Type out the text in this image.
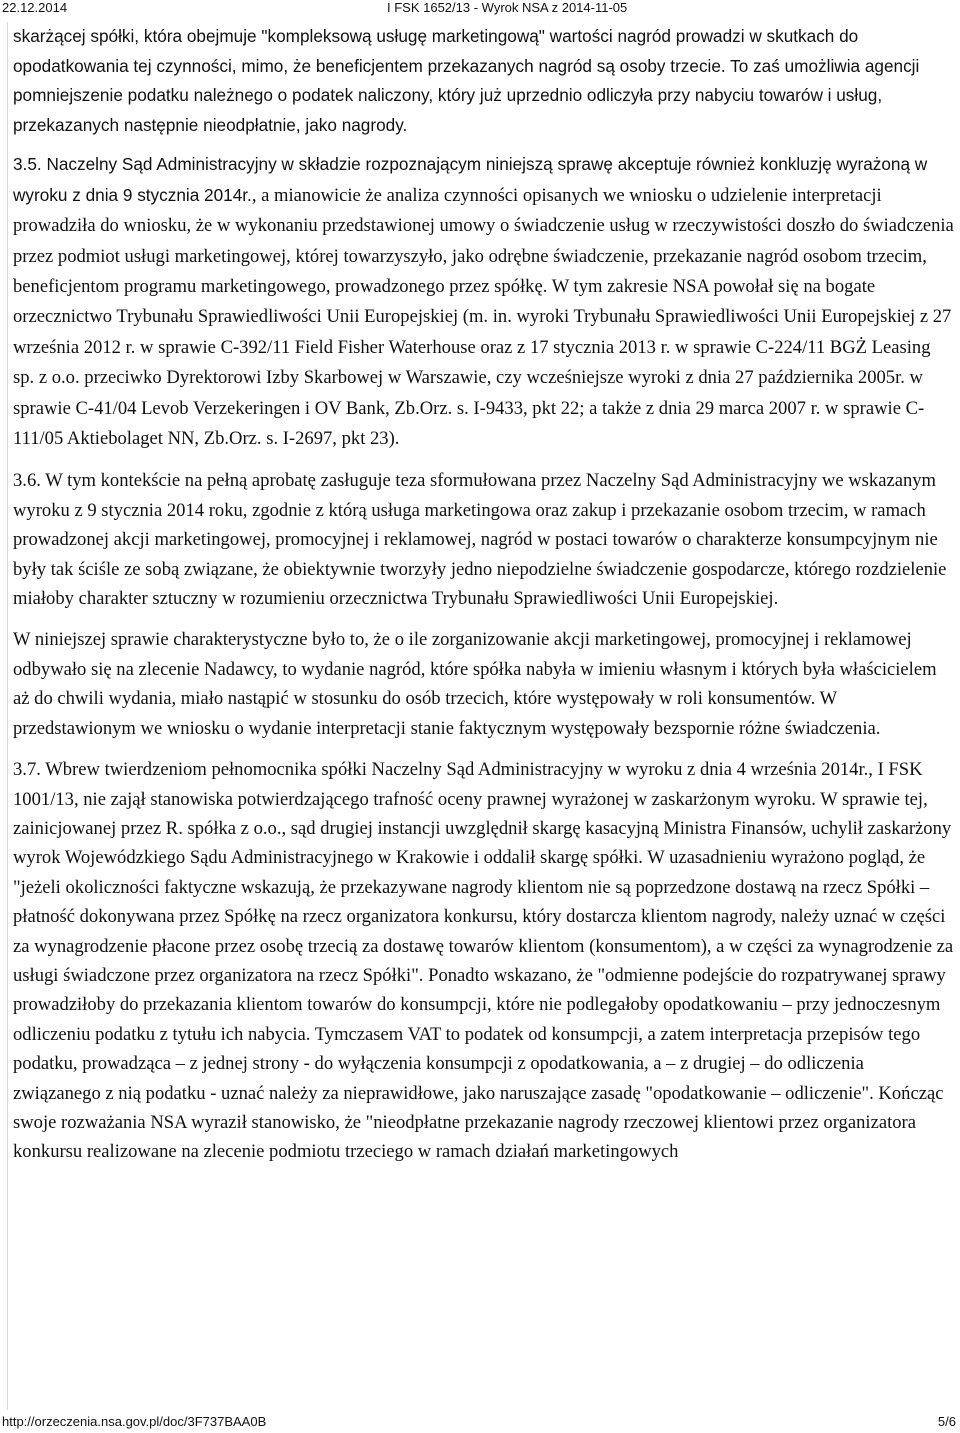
22.12.2014	I FSK 1652/13 - Wyrok NSA z 2014-11-05

skarżącej spółki, która obejmuje "kompleksową usługę marketingową" wartości nagród prowadzi w skutkach do opodatkowania tej czynności, mimo, że beneficjentem przekazanych nagród są osoby trzecie. To zaś umożliwia agencji pomniejszenie podatku należnego o podatek naliczony, który już uprzednio odliczyła przy nabyciu towarów i usług, przekazanych następnie nieodpłatnie, jako nagrody.

3.5. Naczelny Sąd Administracyjny w składzie rozpoznającym niniejszą sprawę akceptuje również konkluzję wyrażoną w wyroku z dnia 9 stycznia 2014r., a mianowicie że analiza czynności opisanych we wniosku o udzielenie interpretacji prowadziła do wniosku, że w wykonaniu przedstawionej umowy o świadczenie usług w rzeczywistości doszło do świadczenia przez podmiot usługi marketingowej, której towarzyszyło, jako odrębne świadczenie, przekazanie nagród osobom trzecim, beneficjentom programu marketingowego, prowadzonego przez spółkę. W tym zakresie NSA powołał się na bogate orzecznictwo Trybunału Sprawiedliwości Unii Europejskiej (m. in. wyroki Trybunału Sprawiedliwości Unii Europejskiej z 27 września 2012 r. w sprawie C-392/11 Field Fisher Waterhouse oraz z 17 stycznia 2013 r. w sprawie C-224/11 BGŻ Leasing sp. z o.o. przeciwko Dyrektorowi Izby Skarbowej w Warszawie, czy wcześniejsze wyroki z dnia 27 października 2005r. w sprawie C-41/04 Levob Verzekeringen i OV Bank, Zb.Orz. s. I-9433, pkt 22; a także z dnia 29 marca 2007 r. w sprawie C-111/05 Aktiebolaget NN, Zb.Orz. s. I-2697, pkt 23).

3.6. W tym kontekście na pełną aprobatę zasługuje teza sformułowana przez Naczelny Sąd Administracyjny we wskazanym wyroku z 9 stycznia 2014 roku, zgodnie z którą usługa marketingowa oraz zakup i przekazanie osobom trzecim, w ramach prowadzonej akcji marketingowej, promocyjnej i reklamowej, nagród w postaci towarów o charakterze konsumpcyjnym nie były tak ściśle ze sobą związane, że obiektywnie tworzyły jedno niepodzielne świadczenie gospodarcze, którego rozdzielenie miałoby charakter sztuczny w rozumieniu orzecznictwa Trybunału Sprawiedliwości Unii Europejskiej.

W niniejszej sprawie charakterystyczne było to, że o ile zorganizowanie akcji marketingowej, promocyjnej i reklamowej odbywało się na zlecenie Nadawcy, to wydanie nagród, które spółka nabyła w imieniu własnym i których była właścicielem aż do chwili wydania, miało nastąpić w stosunku do osób trzecich, które występowały w roli konsumentów. W przedstawionym we wniosku o wydanie interpretacji stanie faktycznym występowały bezspornie różne świadczenia.

3.7. Wbrew twierdzeniom pełnomocnika spółki Naczelny Sąd Administracyjny w wyroku z dnia 4 września 2014r., I FSK 1001/13, nie zajął stanowiska potwierdzającego trafność oceny prawnej wyrażonej w zaskarżonym wyroku. W sprawie tej, zainicjowanej przez R. spółka z o.o., sąd drugiej instancji uwzględnił skargę kasacyjną Ministra Finansów, uchylił zaskarżony wyrok Wojewódzkiego Sądu Administracyjnego w Krakowie i oddalił skargę spółki. W uzasadnieniu wyrażono pogląd, że "jeżeli okoliczności faktyczne wskazują, że przekazywane nagrody klientom nie są poprzedzone dostawą na rzecz Spółki – płatność dokonywana przez Spółkę na rzecz organizatora konkursu, który dostarcza klientom nagrody, należy uznać w części za wynagrodzenie płacone przez osobę trzecią za dostawę towarów klientom (konsumentom), a w części za wynagrodzenie za usługi świadczone przez organizatora na rzecz Spółki". Ponadto wskazano, że "odmienne podejście do rozpatrywanej sprawy prowadziłoby do przekazania klientom towarów do konsumpcji, które nie podlegałoby opodatkowaniu – przy jednoczesnym odliczeniu podatku z tytułu ich nabycia. Tymczasem VAT to podatek od konsumpcji, a zatem interpretacja przepisów tego podatku, prowadząca – z jednej strony - do wyłączenia konsumpcji z opodatkowania, a – z drugiej – do odliczenia związanego z nią podatku - uznać należy za nieprawidłowe, jako naruszające zasadę "opodatkowanie – odliczenie". Kończąc swoje rozważania NSA wyraził stanowisko, że "nieodpłatne przekazanie nagrody rzeczowej klientowi przez organizatora konkursu realizowane na zlecenie podmiotu trzeciego w ramach działań marketingowych

http://orzeczenia.nsa.gov.pl/doc/3F737BAA0B	5/6
